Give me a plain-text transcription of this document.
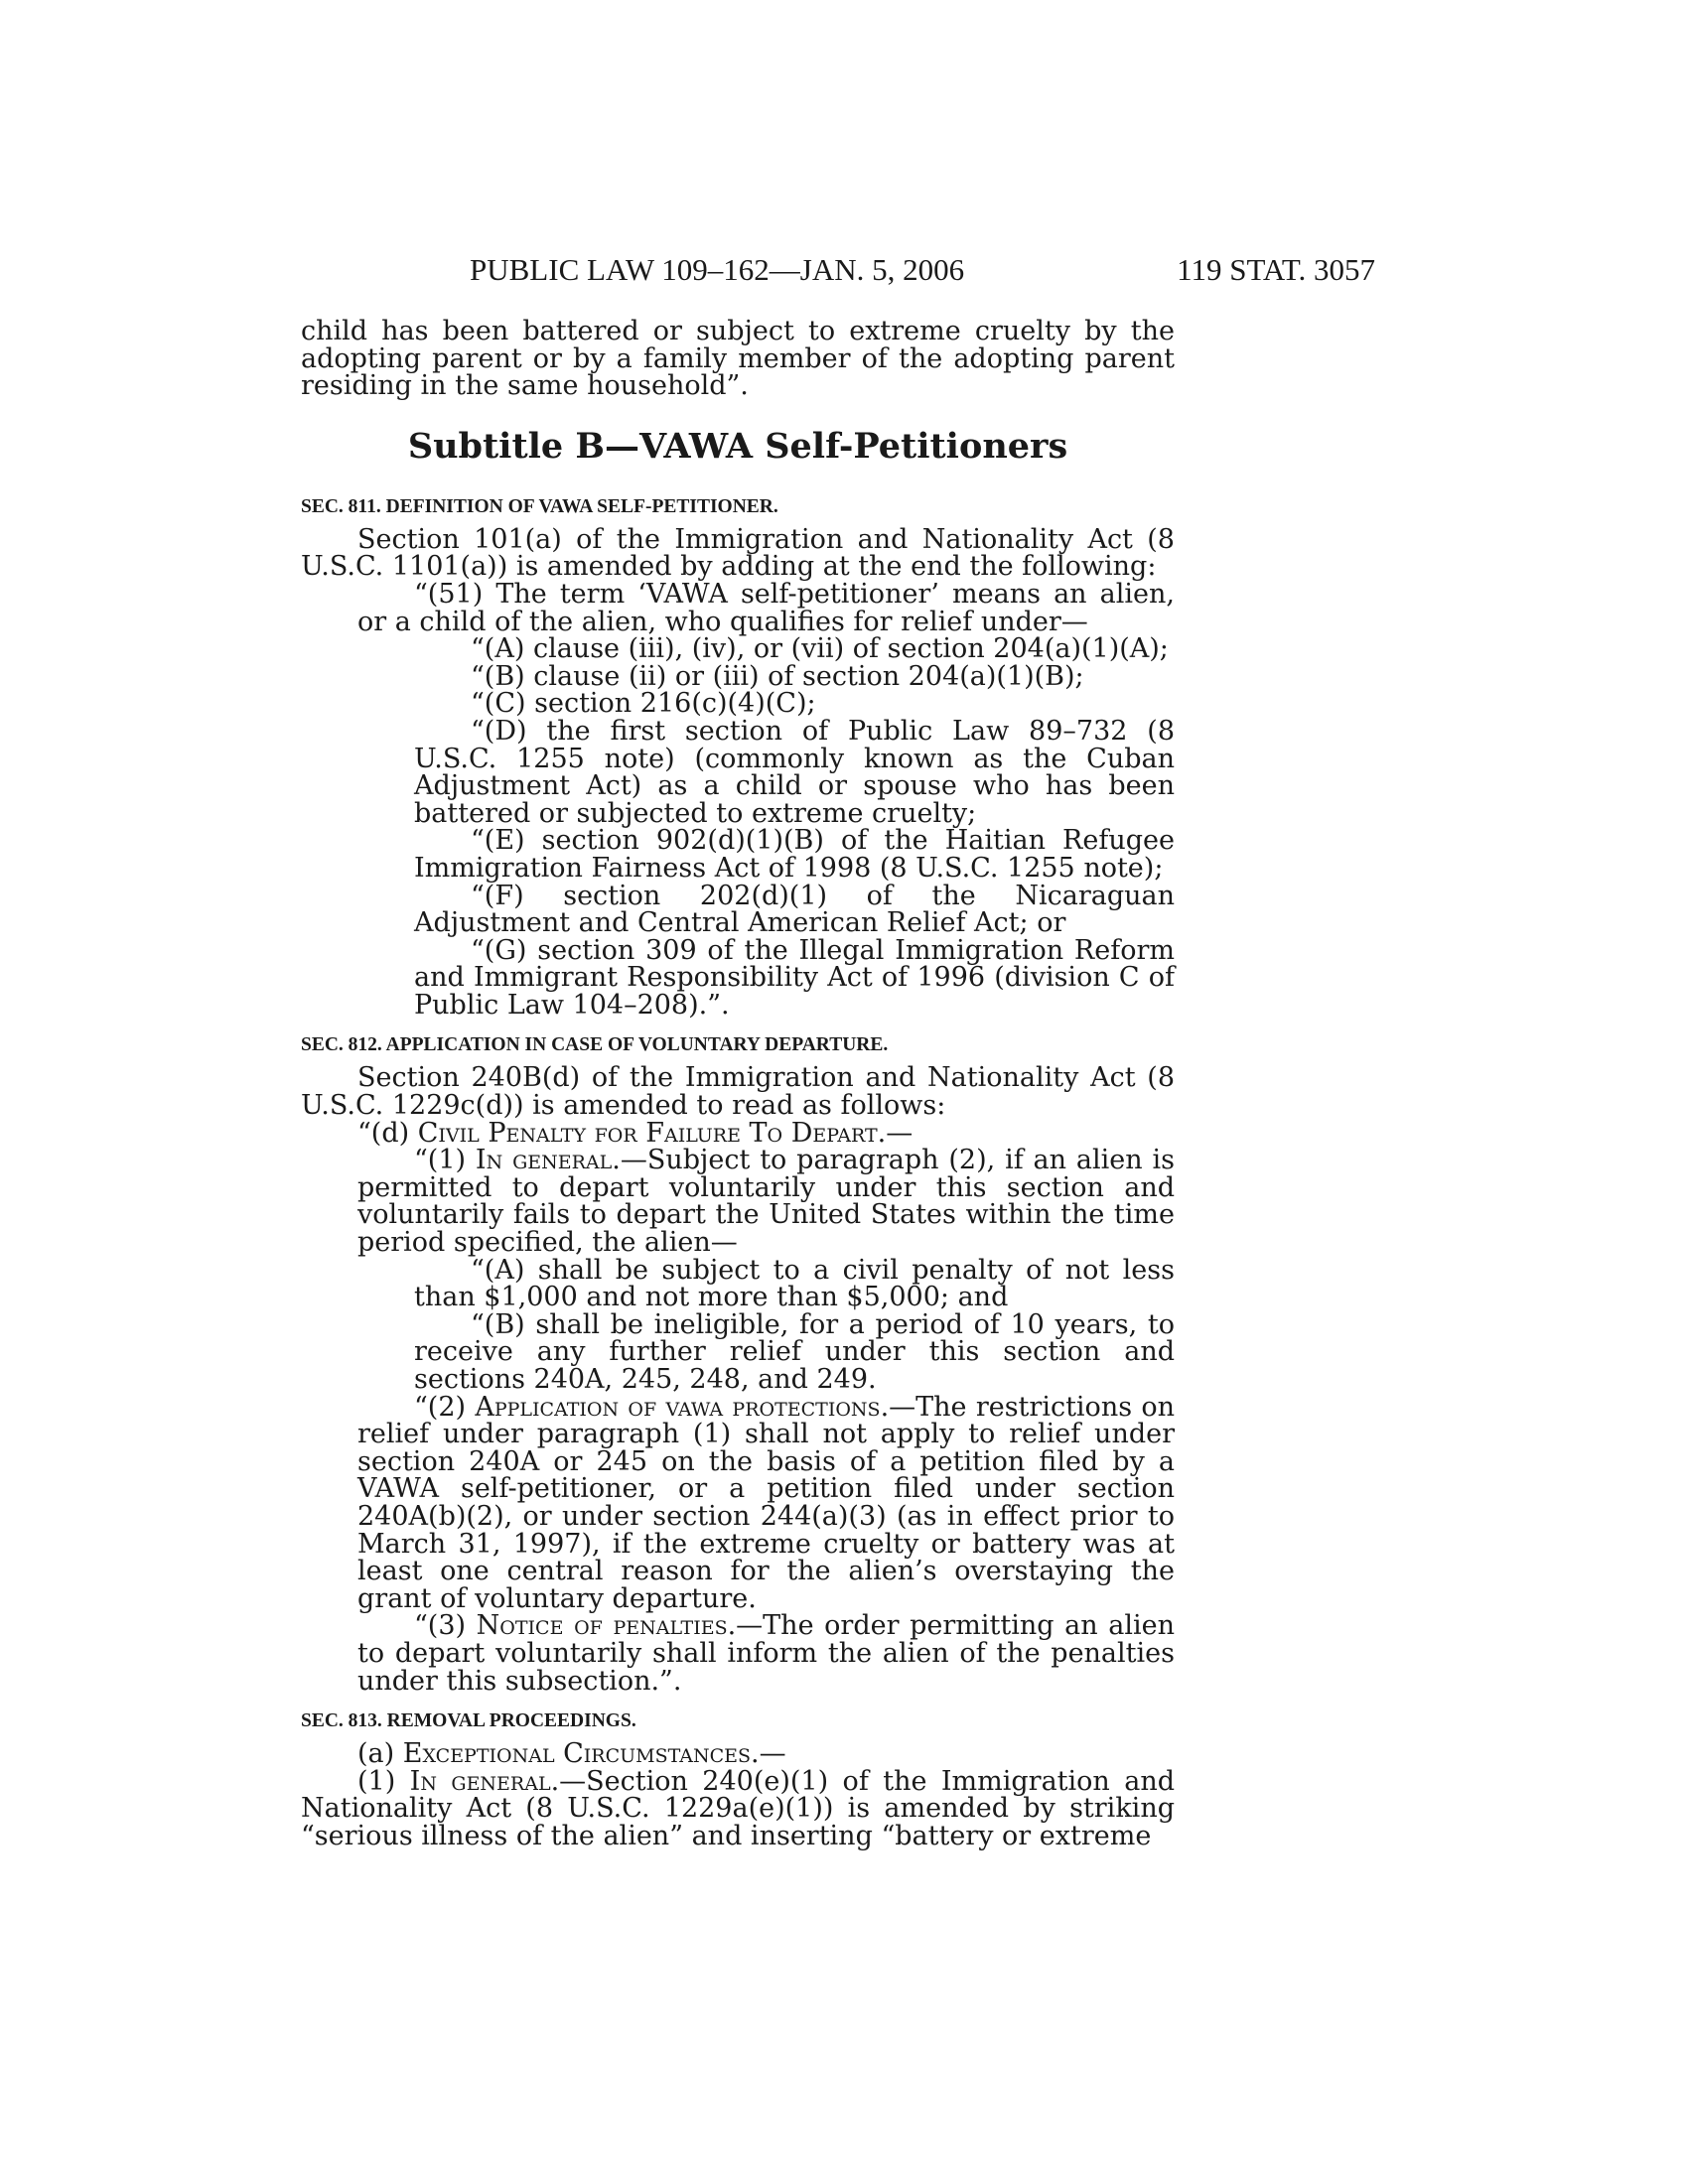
PUBLIC LAW 109–162—JAN. 5, 2006	119 STAT. 3057

child has been battered or subject to extreme cruelty by the adopting parent or by a family member of the adopting parent residing in the same household”.

Subtitle B—VAWA Self-Petitioners
SEC. 811. DEFINITION OF VAWA SELF-PETITIONER.

Section 101(a) of the Immigration and Nationality Act (8 U.S.C. 1101(a)) is amended by adding at the end the following:

“(51) The term ‘VAWA self-petitioner’ means an alien, or a child of the alien, who qualifies for relief under—

“(A) clause (iii), (iv), or (vii) of section 204(a)(1)(A);

“(B) clause (ii) or (iii) of section 204(a)(1)(B);

“(C) section 216(c)(4)(C);

“(D) the first section of Public Law 89–732 (8 U.S.C. 1255 note) (commonly known as the Cuban Adjustment Act) as a child or spouse who has been battered or subjected to extreme cruelty;

“(E) section 902(d)(1)(B) of the Haitian Refugee Immigration Fairness Act of 1998 (8 U.S.C. 1255 note);

“(F) section 202(d)(1) of the Nicaraguan Adjustment and Central American Relief Act; or

“(G) section 309 of the Illegal Immigration Reform and Immigrant Responsibility Act of 1996 (division C of Public Law 104–208).”.

SEC. 812. APPLICATION IN CASE OF VOLUNTARY DEPARTURE.

Section 240B(d) of the Immigration and Nationality Act (8 U.S.C. 1229c(d)) is amended to read as follows:

“(d) Civil Penalty for Failure To Depart.—

“(1) In general.—Subject to paragraph (2), if an alien is permitted to depart voluntarily under this section and voluntarily fails to depart the United States within the time period specified, the alien—

“(A) shall be subject to a civil penalty of not less than $1,000 and not more than $5,000; and

“(B) shall be ineligible, for a period of 10 years, to receive any further relief under this section and sections 240A, 245, 248, and 249.

“(2) Application of vawa protections.—The restrictions on relief under paragraph (1) shall not apply to relief under section 240A or 245 on the basis of a petition filed by a VAWA self-petitioner, or a petition filed under section 240A(b)(2), or under section 244(a)(3) (as in effect prior to March 31, 1997), if the extreme cruelty or battery was at least one central reason for the alien’s overstaying the grant of voluntary departure.

“(3) Notice of penalties.—The order permitting an alien to depart voluntarily shall inform the alien of the penalties under this subsection.”.

SEC. 813. REMOVAL PROCEEDINGS.

(a) Exceptional Circumstances.—

(1) In general.—Section 240(e)(1) of the Immigration and Nationality Act (8 U.S.C. 1229a(e)(1)) is amended by striking “serious illness of the alien” and inserting “battery or extreme
